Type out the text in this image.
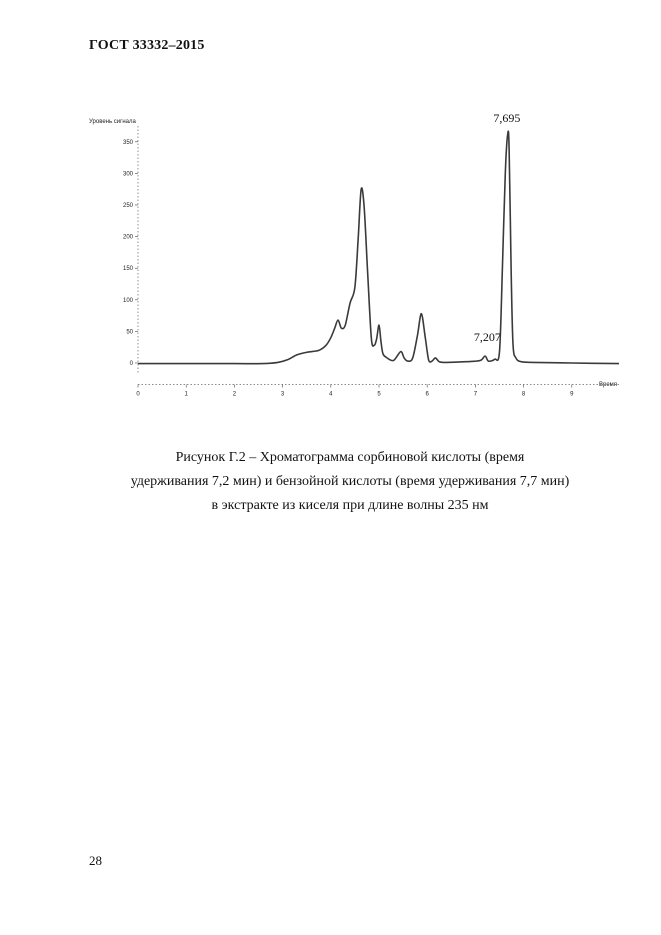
ГОСТ 33332–2015
Уровень сигнала
Время
0
50
100
150
200
250
300
350
0	1	2	3	4	5	6	7	8	9
7,695
7,207
Рисунок Г.2 – Хроматограмма сорбиновой кислоты (время
удерживания 7,2 мин) и бензойной кислоты (время удерживания 7,7 мин)
в экстракте из киселя при длине волны 235 нм
28
